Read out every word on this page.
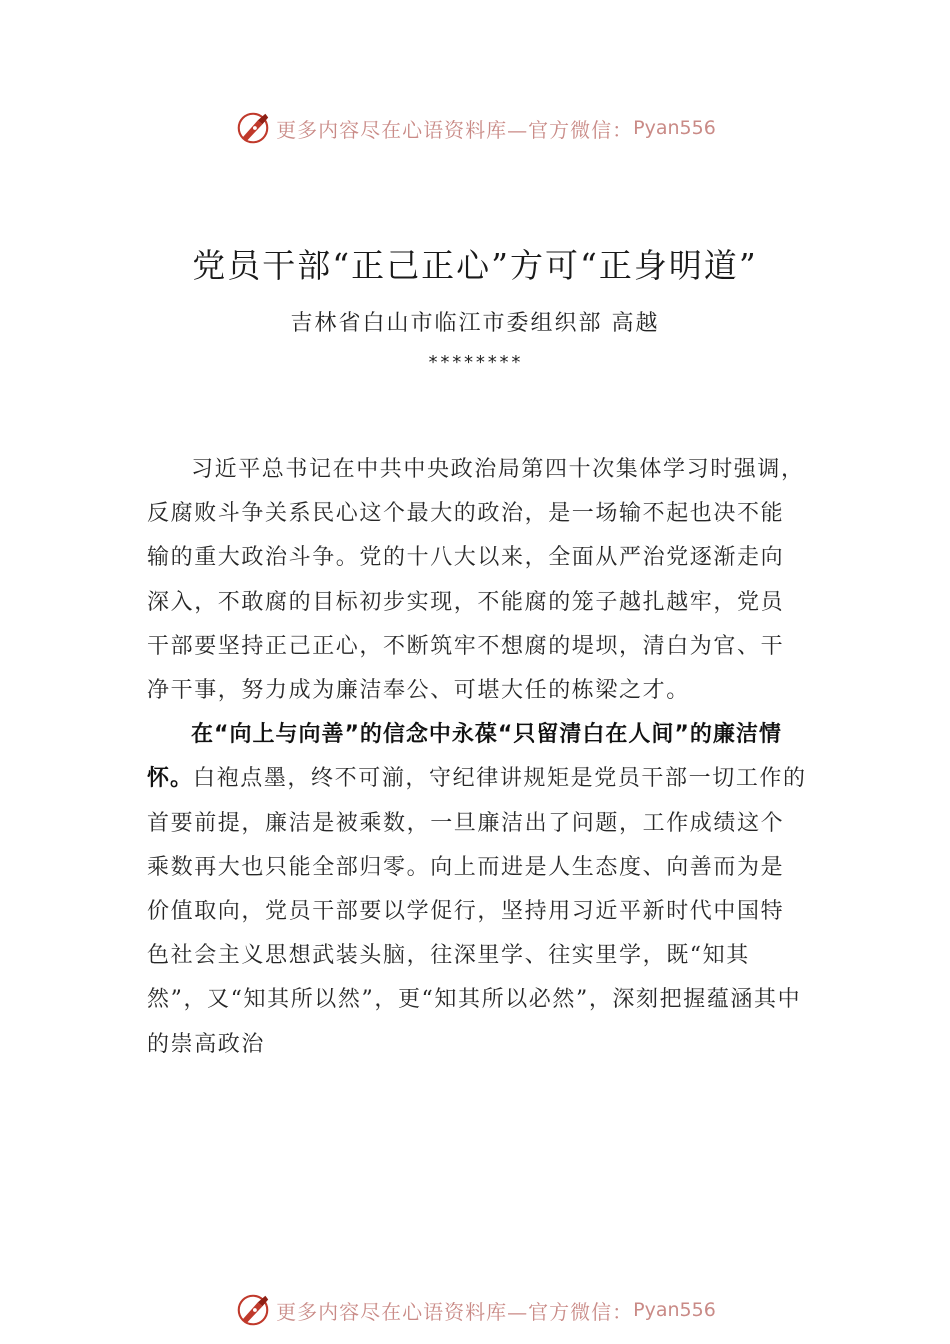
更多内容尽在心语资料库—官方微信： Pyan556
党员干部“正己正心”方可“正身明道”
吉林省白山市临江市委组织部 高越
********

习近平总书记在中共中央政治局第四十次集体学习时强调，反腐败斗争关系民心这个最大的政治，是一场输不起也决不能输的重大政治斗争。党的十八大以来，全面从严治党逐渐走向深入，不敢腐的目标初步实现，不能腐的笼子越扎越牢，党员干部要坚持正己正心，不断筑牢不想腐的堤坝，清白为官、干净干事，努力成为廉洁奉公、可堪大任的栋梁之才。

在“向上与向善”的信念中永葆“只留清白在人间”的廉洁情怀。白袍点墨，终不可湔，守纪律讲规矩是党员干部一切工作的首要前提，廉洁是被乘数，一旦廉洁出了问题，工作成绩这个乘数再大也只能全部归零。向上而进是人生态度、向善而为是价值取向，党员干部要以学促行，坚持用习近平新时代中国特色社会主义思想武装头脑，往深里学、往实里学，既“知其然”，又“知其所以然”，更“知其所以必然”，深刻把握蕴涵其中的崇高政治

更多内容尽在心语资料库—官方微信： Pyan556
